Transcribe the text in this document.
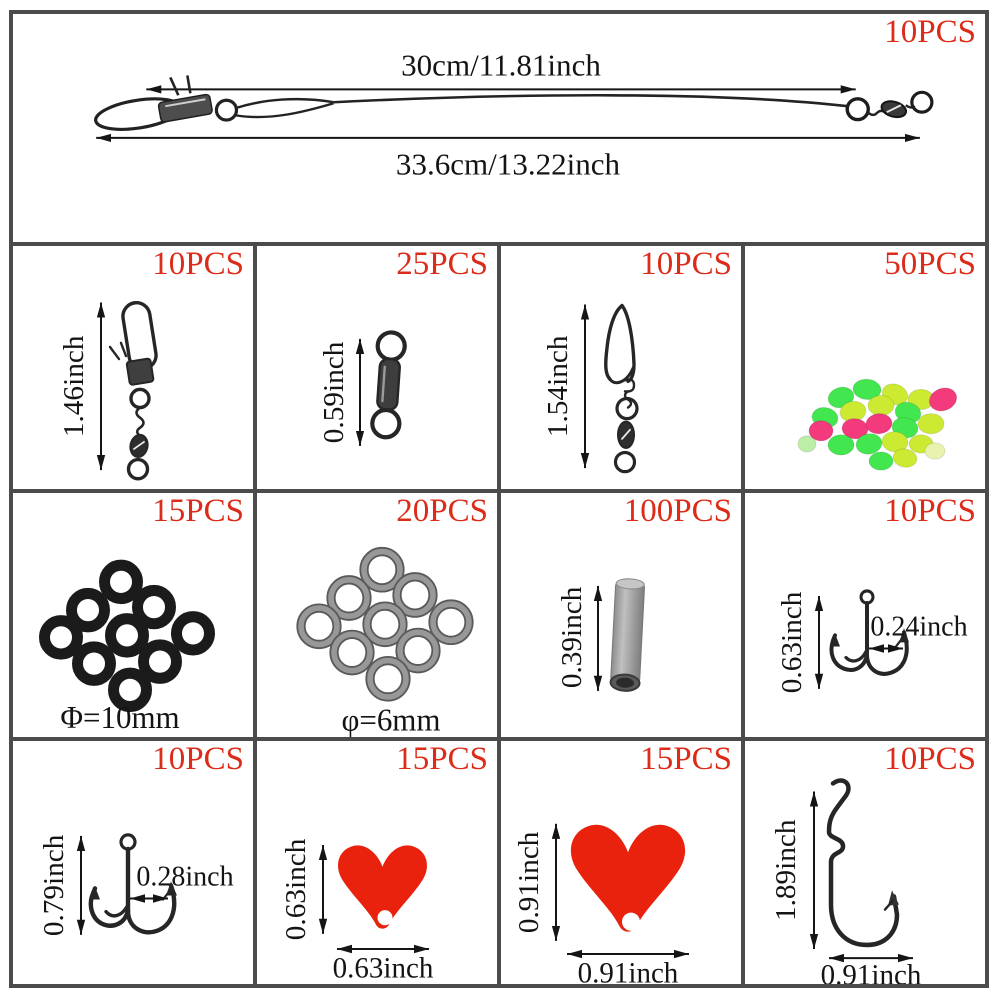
10PCS
30cm/11.81inch
33.6cm/13.22inch
10PCS
1.46inch
25PCS
0.59inch
10PCS
1.54inch
50PCS
15PCS
Φ=10mm
20PCS
φ=6mm
100PCS
0.39inch
10PCS
0.63inch 0.24inch
10PCS
0.79inch 0.28inch
15PCS
0.63inch
0.63inch
15PCS
0.91inch
0.91inch
10PCS
1.89inch
0.91inch
